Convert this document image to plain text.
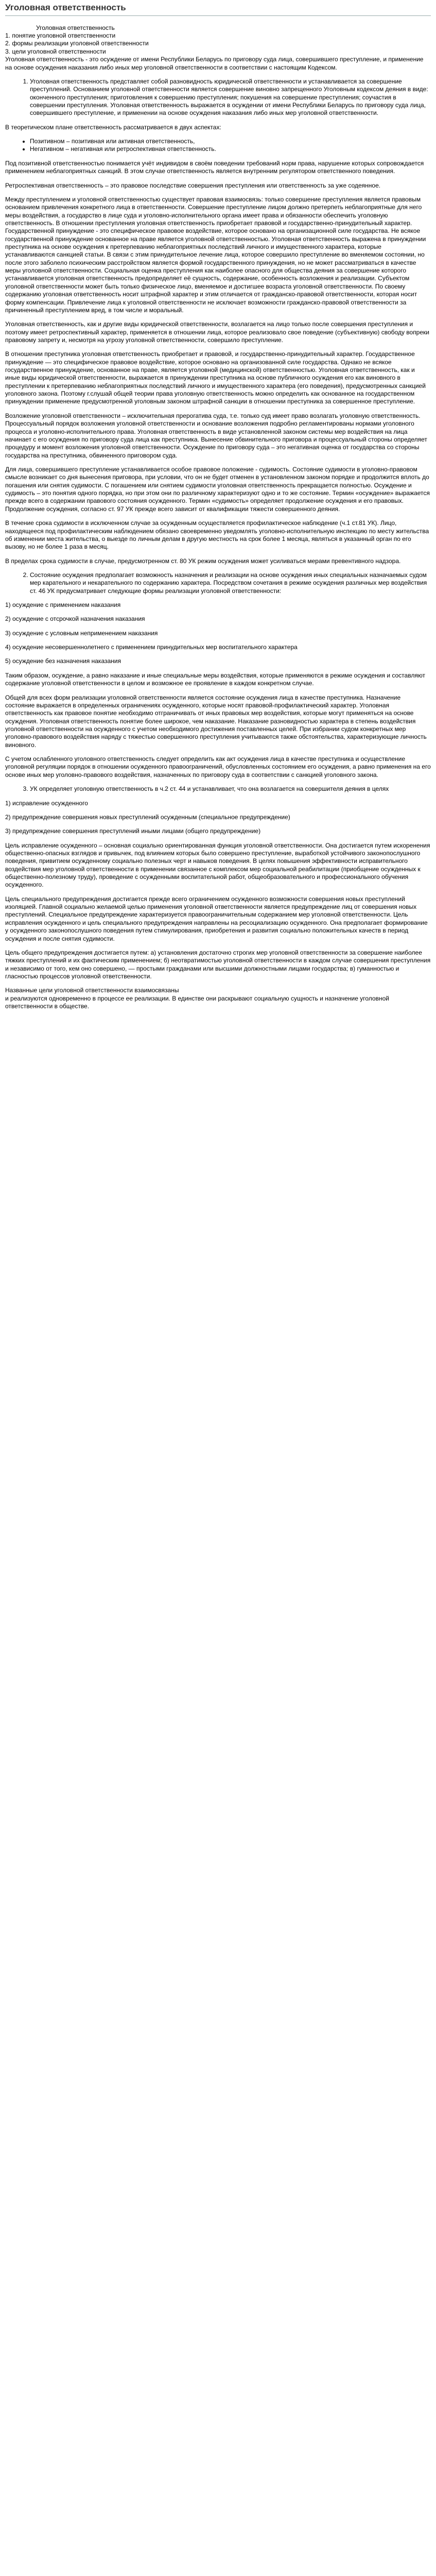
Уголовная ответственность

Уголовная ответственность

1. понятие уголовной ответственности
2. формы реализации уголовной ответственности
3. цели уголовной ответственности

Уголовная ответственность - это осуждение от имени Республики Беларусь по приговору суда лица, совершившего преступление, и применение на основе осуждения наказания либо иных мер уголовной ответственности в соответствии с настоящим Кодексом.

1. Уголовная ответственность представляет собой разновидность юридической ответственности и устанавливается за совершение преступлений. Основанием уголовной ответственности является совершение виновно запрещенного Уголовным кодексом деяния в виде: оконченного преступления; приготовления к совершению преступления; покушения на совершение преступления; соучастия в совершении преступления. Уголовная ответственность выражается в осуждении от имени Республики Беларусь по приговору суда лица, совершившего преступление, и применении на основе осуждения наказания либо иных мер уголовной ответственности.

В теоретическом плане ответственность рассматривается в двух аспектах:

• Позитивном – позитивная или активная ответственность,
• Негативном – негативная или ретроспективная ответственность.

Под позитивной ответственностью понимается учёт индивидом в своём поведении требований норм права, нарушение которых сопровождается применением неблагоприятных санкций. В этом случае ответственность является внутренним регулятором ответственного поведения.

Ретроспективная ответственность – это правовое последствие совершения преступления или ответственность за уже содеянное.

Между преступлением и уголовной ответственностью существует правовая взаимосвязь: только совершение преступления является правовым основанием привлечения конкретного лица в ответственности. Совершение преступление лицом должно претерпеть неблагоприятные для него меры воздействия, а государство в лице суда и уголовно-исполнительного органа имеет права и обязанности обеспечить уголовную ответственность. В отношении преступления уголовная ответственность приобретает правовой и государственно-принудительный характер. Государственной принуждение - это специфическое правовое воздействие, которое основано на организационной силе государства. Не всякое государственной принуждение основанное на праве является уголовной ответственностью. Уголовная ответственность выражена в принуждении преступника на основе осуждения к претерпеванию неблагоприятных последствий личного и имущественного характера, которые устанавливаются санкцией статьи. В связи с этим принудительное лечение лица, которое совершило преступление во вменяемом состоянии, но после этого заболело психическим расстройством является формой государственного принуждения, но не может рассматриваться в качестве меры уголовной ответственности. Социальная оценка преступления как наиболее опасного для общества деяния за совершение которого устанавливается уголовная ответственность предопределяет её сущность, содержание, особенность возложения и реализации. Субъектом уголовной ответственности может быть только физическое лицо, вменяемое и достигшее возраста уголовной ответственности. По своему содержанию уголовная ответственность носит штрафной характер и этим отличается от гражданско-правовой ответственности, которая носит форму компенсации. Привлечение лица к уголовной ответственности не исключает возможности гражданско-правовой ответственности за причиненный преступлением вред, в том числе и моральный.

Уголовная ответственность, как и другие виды юридической ответственности, возлагается на лицо только после совершения преступления и поэтому имеет ретроспективный характер, применяется в отношении лица, которое реализовало свое поведение (субъективную) свободу вопреки правовому запрету и, несмотря на угрозу уголовной ответственности, совершило преступление.

В отношении преступника уголовная ответственность приобретает и правовой, и государственно-принудительный характер. Государственное принуждение — это специфическое правовое воздействие, которое основано на организованной силе государства. Однако не всякое государственное принуждение, основанное на праве, является уголовной (медицинской) ответственностью. Уголовная ответственность, как и иные виды юридической ответственности, выражается в принуждении преступника на основе публичного осуждения его как виновного в преступлении к претерпеванию неблагоприятных последствий личного и имущественного характера (его поведения), предусмотренных санкцией уголовного закона. Поэтому г.слушай общей теории права уголовную ответственность можно определить как основанное на государственном принуждении применение предусмотренной уголовным законом штрафной санкции в отношении преступника за совершенное преступление.

Возложение уголовной ответственности – исключительная прерогатива суда, т.е. только суд имеет право возлагать уголовную ответственность. Процессуальный порядок возложения уголовной ответственности и основание возложения подробно регламентированы нормами уголовного процесса и уголовно-исполнительного права. Уголовная ответственность в виде установленной законом системы мер воздействия на лица начинает с его осуждения по приговору суда лица как преступника. Вынесение обвинительного приговора и процессуальный стороны определяет процедуру и момент возложения уголовной ответственности. Осуждение по приговору суда – это негативная оценка от государства со стороны государства на преступника, обвиненного приговором суда.

Для лица, совершившего преступление устанавливается особое правовое положение - судимость. Состояние судимости в уголовно-правовом смысле возникает со дня вынесения приговора, при условии, что он не будет отменен в установленном законом порядке и продолжится вплоть до погашения или снятия судимости. С погашением или снятием судимости уголовная ответственность прекращается полностью. Осуждение и судимость – это понятия одного порядка, но при этом они по различному характеризуют одно и то же состояние. Термин «осуждение» выражается прежде всего в содержании правового состояния осужденного. Термин «судимость» определяет продолжение осуждения и его правовых. Продолжение осуждения, согласно ст. 97 УК прежде всего зависит от квалификации тяжести совершенного деяния.

В течение срока судимости в исключенном случае за осужденным осуществляется профилактическое наблюдение (ч.1 ст.81 УК). Лицо, находящееся под профилактическим наблюдением обязано своевременно уведомлять уголовно-исполнительную инспекцию по месту жительства об изменении места жительства, о выезде по личным делам в другую местность на срок более 1 месяца, являться в указанный орган по его вызову, но не более 1 раза в месяц.

В пределах срока судимости в случае, предусмотренном ст. 80 УК режим осуждения может усиливаться мерами превентивного надзора.

2. Состояние осуждения предполагает возможность назначения и реализации на основе осуждения иных специальных назначаемых судом мер карательного и некарательного по содержанию характера. Посредством сочетания в режиме осуждения различных мер воздействия ст. 46 УК предусматривает следующие формы реализации уголовной ответственности:
1) осуждение с применением наказания
2) осуждение с отсрочкой назначения наказания
3) осуждение с условным неприменением наказания
4) осуждение несовершеннолетнего с применением принудительных мер воспитательного характера
5) осуждение без назначения наказания

Таким образом, осуждение, а равно наказание и иные специальные меры воздействия, которые применяются в режиме осуждения и составляют содержание уголовной ответственности в целом и возможное ее проявление в каждом конкретном случае.

Общей для всех форм реализации уголовной ответственности является состояние осуждения лица в качестве преступника. Назначение состояние выражается в определенных ограничениях осужденного, которые носят правовой-профилактический характер. Уголовная ответственность как правовое понятие необходимо отграничивать от иных правовых мер воздействия, которые могут применяться на основе осуждения. Уголовная ответственность понятие более широкое, чем наказание. Наказание разновидностью характера в степень воздействия уголовной ответственности на осужденного с учетом необходимого достижения поставленных целей. При избрании судом конкретных мер уголовно-правового воздействия наряду с тяжестью совершенного преступления учитываются также обстоятельства, характеризующие личность виновного.

С учетом ослабленного уголовного ответственность следует определить как акт осуждения лица в качестве преступника и осуществление уголовной регуляции порядок в отношении осужденного правоограничений, обусловленных состоянием его осуждения, а равно применения на его основе иных мер уголовно-правового воздействия, назначенных по приговору суда в соответствии с санкцией уголовного закона.

3. УК определяет уголовную ответственность в ч.2 ст. 44 и устанавливает, что она возлагается на совершителя деяния в целях
1) исправление осужденного
2) предупреждение совершения новых преступлений осужденным (специальное предупреждение)
3) предупреждение совершения преступлений иными лицами (общего предупреждение)

Цель исправление осужденного – основная социально ориентированная функция уголовной ответственности. Она достигается путем искоренения общественно-опасных взглядов и привычек, под влиянием которых было совершено преступление, выработкой устойчивого законопослушного поведения, привитием осужденному социально полезных черт и навыков поведения. В целях повышения эффективности исправительного воздействия мер уголовной ответственности в применении связанное с комплексом мер социальной реабилитации (приобщение осужденных к общественно-полезному труду), проведение с осужденными воспитательной работ, общеобразовательного и профессионального обучения осужденного.

Цель специального предупреждения достигается прежде всего ограничением осужденного возможности совершения новых преступлений изоляцией. Главной социально желаемой целью применения уголовной ответственности является предупреждение лиц от совершения новых преступлений. Специальное предупреждение характеризуется правоограничительным содержанием мер уголовной ответственности. Цель исправления осужденного и цель специального предупреждения направлены на ресоциализацию осужденного. Она предполагает формирование у осужденного законопослушного поведения путем стимулирования, приобретения и развития социально положительных качеств в период осуждения и после снятия судимости.

Цель общего предупреждения достигается путем: а) установления достаточно строгих мер уголовной ответственности за совершение наиболее тяжких преступлений и их фактическим применением; б) неотвратимостью уголовной ответственности в каждом случае совершения преступления и независимо от того, кем оно совершено, — простыми гражданами или высшими должностными лицами государства; в) гуманностью и гласностью процессов уголовной ответственности.

Названные цели уголовной ответственности взаимосвязаны
и реализуются одновременно в процессе ее реализации. В единстве они раскрывают социальную сущность и назначение уголовной
ответственности в обществе.
